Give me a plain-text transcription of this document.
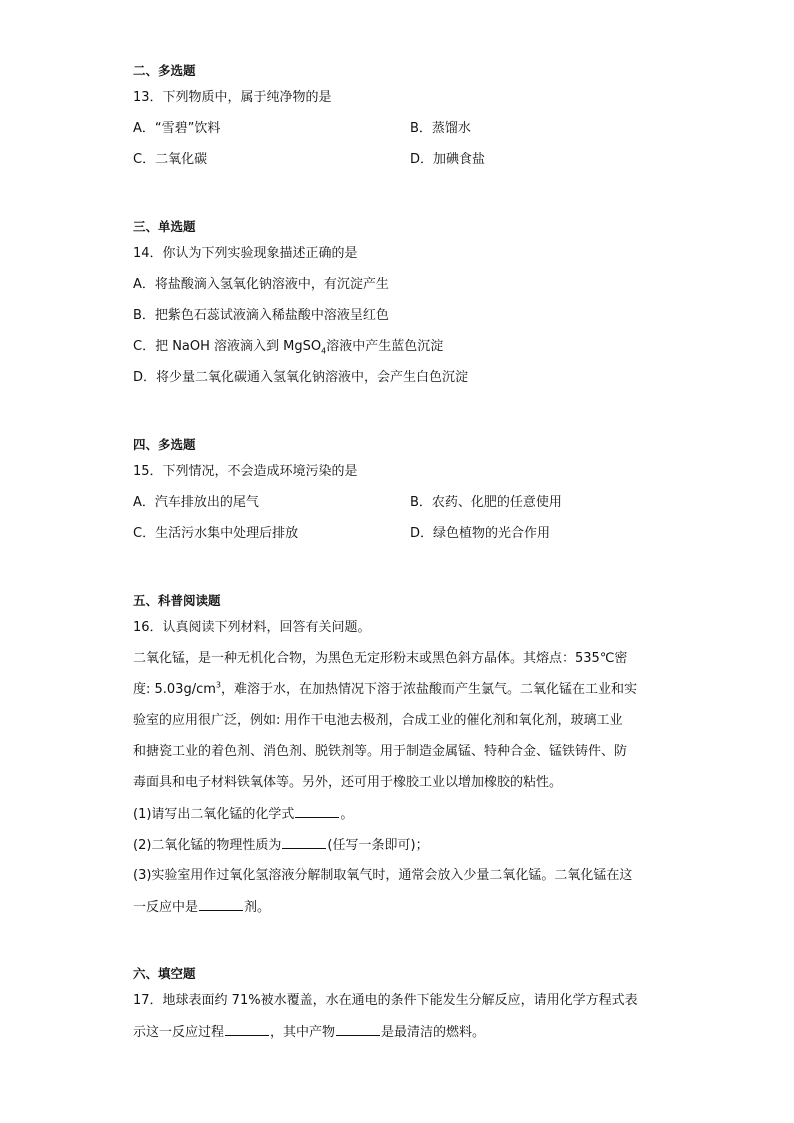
二、多选题
13．下列物质中，属于纯净物的是
A．“雪碧”饮料	B．蒸馏水
C．二氧化碳	D．加碘食盐
三、单选题
14．你认为下列实验现象描述正确的是
A．将盐酸滴入氢氧化钠溶液中，有沉淀产生
B．把紫色石蕊试液滴入稀盐酸中溶液呈红色
C．把 NaOH 溶液滴入到 MgSO$_4$溶液中产生蓝色沉淀
D．将少量二氧化碳通入氢氧化钠溶液中，会产生白色沉淀
四、多选题
15．下列情况，不会造成环境污染的是
A．汽车排放出的尾气	B．农药、化肥的任意使用
C．生活污水集中处理后排放	D．绿色植物的光合作用
五、科普阅读题
16．认真阅读下列材料，回答有关问题。
二氧化锰，是一种无机化合物，为黑色无定形粉末或黑色斜方晶体。其熔点：535℃密
度: $5.03g/cm^3$，难溶于水，在加热情况下溶于浓盐酸而产生氯气。二氧化锰在工业和实
验室的应用很广泛，例如: 用作干电池去极剂，合成工业的催化剂和氧化剂，玻璃工业
和搪瓷工业的着色剂、消色剂、脱铁剂等。用于制造金属锰、特种合金、锰铁铸件、防
毒面具和电子材料铁氧体等。另外，还可用于橡胶工业以增加橡胶的粘性。
(1)请写出二氧化锰的化学式	。
(2)二氧化锰的物理性质为	(任写一条即可)；
(3)实验室用作过氧化氢溶液分解制取氧气时，通常会放入少量二氧化锰。二氧化锰在这
一反应中是	剂。
六、填空题
17．地球表面约 71%被水覆盖，水在通电的条件下能发生分解反应，请用化学方程式表
示这一反应过程	，其中产物	是最清洁的燃料。
